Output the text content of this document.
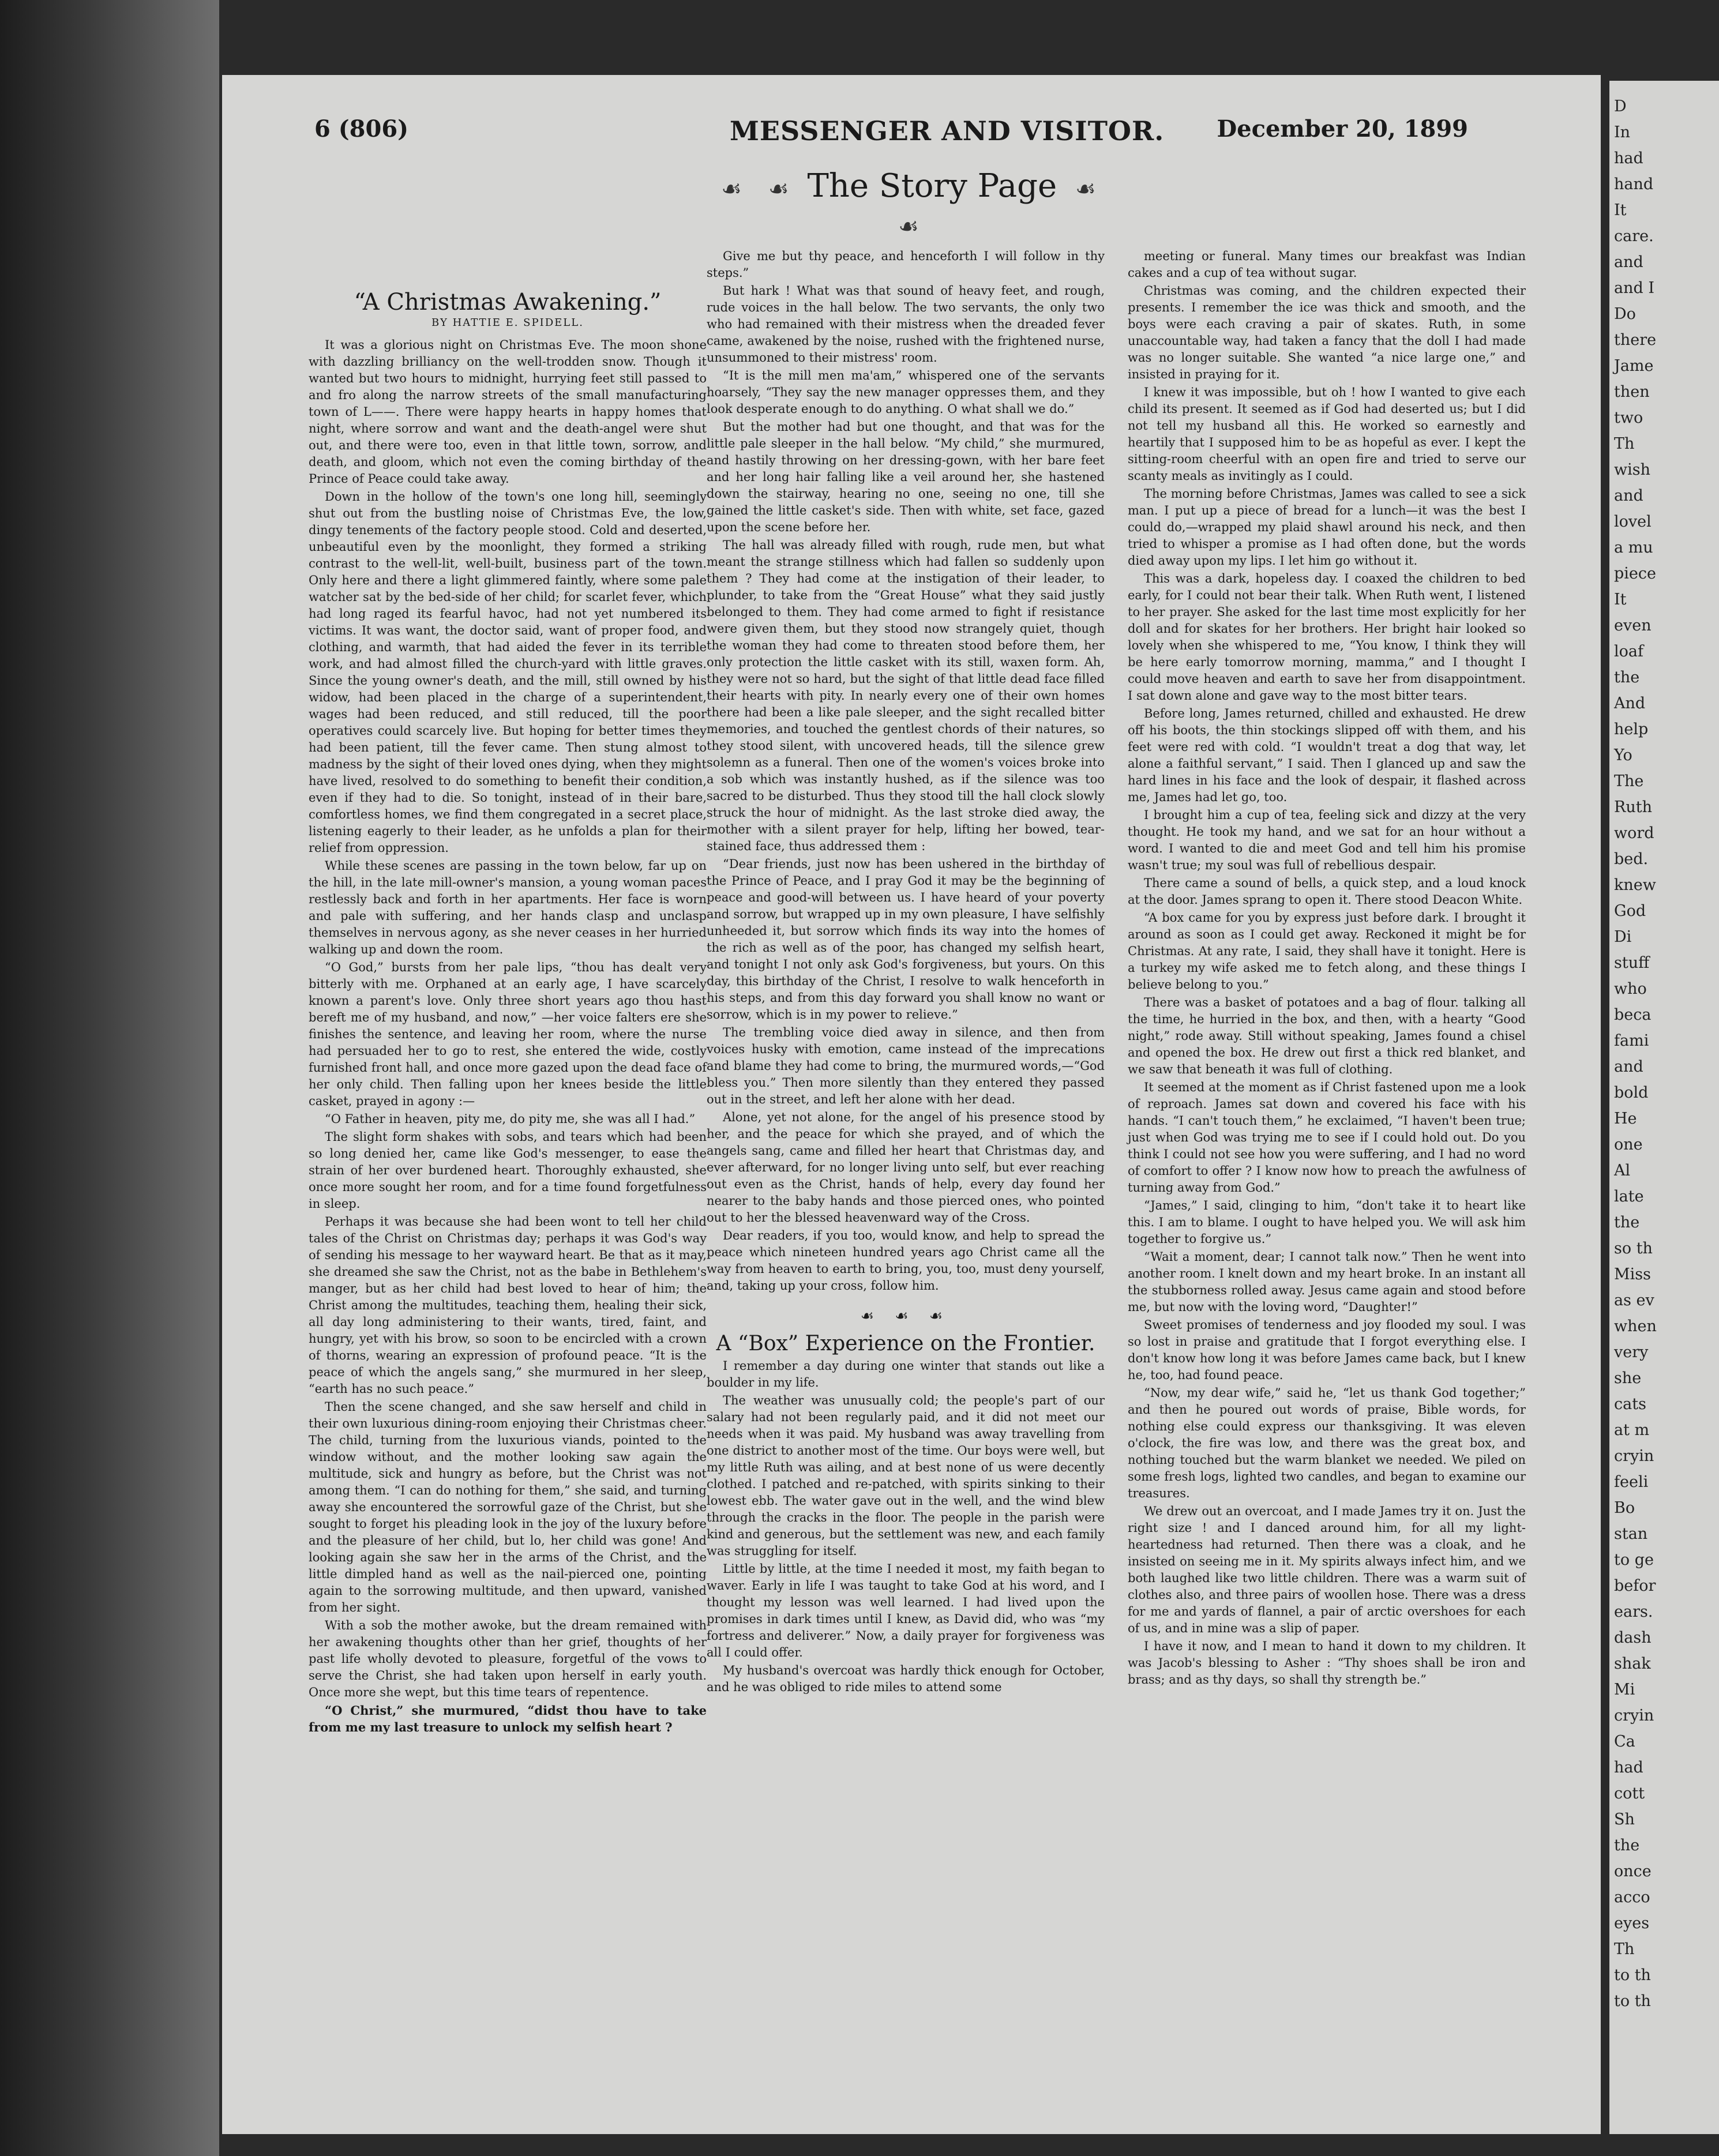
6 (806)	MESSENGER AND VISITOR. December 20, 1899
☙ ☙ The Story Page ☙ ☙
“A Christmas Awakening.”
BY HATTIE E. SPIDELL.

It was a glorious night on Christmas Eve. The moon shone with dazzling brilliancy on the well-trodden snow. Though it wanted but two hours to midnight, hurrying feet still passed to and fro along the narrow streets of the small manufacturing town of L——. There were happy hearts in happy homes that night, where sorrow and want and the death-angel were shut out, and there were too, even in that little town, sorrow, and death, and gloom, which not even the coming birthday of the Prince of Peace could take away.

Down in the hollow of the town's one long hill, seemingly shut out from the bustling noise of Christmas Eve, the low, dingy tenements of the factory people stood. Cold and deserted, unbeautiful even by the moonlight, they formed a striking contrast to the well-lit, well-built, business part of the town. Only here and there a light glimmered faintly, where some pale watcher sat by the bed-side of her child; for scarlet fever, which had long raged its fearful havoc, had not yet numbered its victims. It was want, the doctor said, want of proper food, and clothing, and warmth, that had aided the fever in its terrible work, and had almost filled the church-yard with little graves. Since the young owner's death, and the mill, still owned by his widow, had been placed in the charge of a superintendent, wages had been reduced, and still reduced, till the poor operatives could scarcely live. But hoping for better times they had been patient, till the fever came. Then stung almost to madness by the sight of their loved ones dying, when they might have lived, resolved to do something to benefit their condition, even if they had to die. So tonight, instead of in their bare, comfortless homes, we find them congregated in a secret place, listening eagerly to their leader, as he unfolds a plan for their relief from oppression.

While these scenes are passing in the town below, far up on the hill, in the late mill-owner's mansion, a young woman paces restlessly back and forth in her apartments. Her face is worn and pale with suffering, and her hands clasp and unclasp themselves in nervous agony, as she never ceases in her hurried walking up and down the room.

“O God,” bursts from her pale lips, “thou has dealt very bitterly with me. Orphaned at an early age, I have scarcely known a parent's love. Only three short years ago thou hast bereft me of my husband, and now,” —her voice falters ere she finishes the sentence, and leaving her room, where the nurse had persuaded her to go to rest, she entered the wide, costly furnished front hall, and once more gazed upon the dead face of her only child. Then falling upon her knees beside the little casket, prayed in agony :—

“O Father in heaven, pity me, do pity me, she was all I had.”

The slight form shakes with sobs, and tears which had been so long denied her, came like God's messenger, to ease the strain of her over burdened heart. Thoroughly exhausted, she once more sought her room, and for a time found forgetfulness in sleep.

Perhaps it was because she had been wont to tell her child tales of the Christ on Christmas day; perhaps it was God's way of sending his message to her wayward heart. Be that as it may, she dreamed she saw the Christ, not as the babe in Bethlehem's manger, but as her child had best loved to hear of him; the Christ among the multitudes, teaching them, healing their sick, all day long administering to their wants, tired, faint, and hungry, yet with his brow, so soon to be encircled with a crown of thorns, wearing an expression of profound peace. “It is the peace of which the angels sang,” she murmured in her sleep, “earth has no such peace.”

Then the scene changed, and she saw herself and child in their own luxurious dining-room enjoying their Christmas cheer. The child, turning from the luxurious viands, pointed to the window without, and the mother looking saw again the multitude, sick and hungry as before, but the Christ was not among them. “I can do nothing for them,” she said, and turning away she encountered the sorrowful gaze of the Christ, but she sought to forget his pleading look in the joy of the luxury before and the pleasure of her child, but lo, her child was gone! And looking again she saw her in the arms of the Christ, and the little dimpled hand as well as the nail-pierced one, pointing again to the sorrowing multitude, and then upward, vanished from her sight.

With a sob the mother awoke, but the dream remained with her awakening thoughts other than her grief, thoughts of her past life wholly devoted to pleasure, forgetful of the vows to serve the Christ, she had taken upon herself in early youth. Once more she wept, but this time tears of repentence.

“O Christ,” she murmured, “didst thou have to take from me my last treasure to unlock my selfish heart ?

Give me but thy peace, and henceforth I will follow in thy steps.”

But hark ! What was that sound of heavy feet, and rough, rude voices in the hall below. The two servants, the only two who had remained with their mistress when the dreaded fever came, awakened by the noise, rushed with the frightened nurse, unsummoned to their mistress' room.

“It is the mill men ma'am,” whispered one of the servants hoarsely, “They say the new manager oppresses them, and they look desperate enough to do anything. O what shall we do.”

But the mother had but one thought, and that was for the little pale sleeper in the hall below. “My child,” she murmured, and hastily throwing on her dressing-gown, with her bare feet and her long hair falling like a veil around her, she hastened down the stairway, hearing no one, seeing no one, till she gained the little casket's side. Then with white, set face, gazed upon the scene before her.

The hall was already filled with rough, rude men, but what meant the strange stillness which had fallen so suddenly upon them ? They had come at the instigation of their leader, to plunder, to take from the “Great House” what they said justly belonged to them. They had come armed to fight if resistance were given them, but they stood now strangely quiet, though the woman they had come to threaten stood before them, her only protection the little casket with its still, waxen form. Ah, they were not so hard, but the sight of that little dead face filled their hearts with pity. In nearly every one of their own homes there had been a like pale sleeper, and the sight recalled bitter memories, and touched the gentlest chords of their natures, so they stood silent, with uncovered heads, till the silence grew solemn as a funeral. Then one of the women's voices broke into a sob which was instantly hushed, as if the silence was too sacred to be disturbed. Thus they stood till the hall clock slowly struck the hour of midnight. As the last stroke died away, the mother with a silent prayer for help, lifting her bowed, tear-stained face, thus addressed them :

“Dear friends, just now has been ushered in the birthday of the Prince of Peace, and I pray God it may be the beginning of peace and good-will between us. I have heard of your poverty and sorrow, but wrapped up in my own pleasure, I have selfishly unheeded it, but sorrow which finds its way into the homes of the rich as well as of the poor, has changed my selfish heart, and tonight I not only ask God's forgiveness, but yours. On this day, this birthday of the Christ, I resolve to walk henceforth in his steps, and from this day forward you shall know no want or sorrow, which is in my power to relieve.”

The trembling voice died away in silence, and then from voices husky with emotion, came instead of the imprecations and blame they had come to bring, the murmured words,—“God bless you.” Then more silently than they entered they passed out in the street, and left her alone with her dead.

Alone, yet not alone, for the angel of his presence stood by her, and the peace for which she prayed, and of which the angels sang, came and filled her heart that Christmas day, and ever afterward, for no longer living unto self, but ever reaching out even as the Christ, hands of help, every day found her nearer to the baby hands and those pierced ones, who pointed out to her the blessed heavenward way of the Cross.

Dear readers, if you too, would know, and help to spread the peace which nineteen hundred years ago Christ came all the way from heaven to earth to bring, you, too, must deny yourself, and, taking up your cross, follow him.

☙ ☙ ☙
A “Box” Experience on the Frontier.

I remember a day during one winter that stands out like a boulder in my life.

The weather was unusually cold; the people's part of our salary had not been regularly paid, and it did not meet our needs when it was paid. My husband was away travelling from one district to another most of the time. Our boys were well, but my little Ruth was ailing, and at best none of us were decently clothed. I patched and re-patched, with spirits sinking to their lowest ebb. The water gave out in the well, and the wind blew through the cracks in the floor. The people in the parish were kind and generous, but the settlement was new, and each family was struggling for itself.

Little by little, at the time I needed it most, my faith began to waver. Early in life I was taught to take God at his word, and I thought my lesson was well learned. I had lived upon the promises in dark times until I knew, as David did, who was “my fortress and deliverer.” Now, a daily prayer for forgiveness was all I could offer.

My husband's overcoat was hardly thick enough for October, and he was obliged to ride miles to attend some

meeting or funeral. Many times our breakfast was Indian cakes and a cup of tea without sugar.

Christmas was coming, and the children expected their presents. I remember the ice was thick and smooth, and the boys were each craving a pair of skates. Ruth, in some unaccountable way, had taken a fancy that the doll I had made was no longer suitable. She wanted “a nice large one,” and insisted in praying for it.

I knew it was impossible, but oh ! how I wanted to give each child its present. It seemed as if God had deserted us; but I did not tell my husband all this. He worked so earnestly and heartily that I supposed him to be as hopeful as ever. I kept the sitting-room cheerful with an open fire and tried to serve our scanty meals as invitingly as I could.

The morning before Christmas, James was called to see a sick man. I put up a piece of bread for a lunch—it was the best I could do,—wrapped my plaid shawl around his neck, and then tried to whisper a promise as I had often done, but the words died away upon my lips. I let him go without it.

This was a dark, hopeless day. I coaxed the children to bed early, for I could not bear their talk. When Ruth went, I listened to her prayer. She asked for the last time most explicitly for her doll and for skates for her brothers. Her bright hair looked so lovely when she whispered to me, “You know, I think they will be here early tomorrow morning, mamma,” and I thought I could move heaven and earth to save her from disappointment. I sat down alone and gave way to the most bitter tears.

Before long, James returned, chilled and exhausted. He drew off his boots, the thin stockings slipped off with them, and his feet were red with cold. “I wouldn't treat a dog that way, let alone a faithful servant,” I said. Then I glanced up and saw the hard lines in his face and the look of despair, it flashed across me, James had let go, too.

I brought him a cup of tea, feeling sick and dizzy at the very thought. He took my hand, and we sat for an hour without a word. I wanted to die and meet God and tell him his promise wasn't true; my soul was full of rebellious despair.

There came a sound of bells, a quick step, and a loud knock at the door. James sprang to open it. There stood Deacon White.

“A box came for you by express just before dark. I brought it around as soon as I could get away. Reckoned it might be for Christmas. At any rate, I said, they shall have it tonight. Here is a turkey my wife asked me to fetch along, and these things I believe belong to you.”

There was a basket of potatoes and a bag of flour. talking all the time, he hurried in the box, and then, with a hearty “Good night,” rode away. Still without speaking, James found a chisel and opened the box. He drew out first a thick red blanket, and we saw that beneath it was full of clothing.

It seemed at the moment as if Christ fastened upon me a look of reproach. James sat down and covered his face with his hands. “I can't touch them,” he exclaimed, “I haven't been true; just when God was trying me to see if I could hold out. Do you think I could not see how you were suffering, and I had no word of comfort to offer ? I know now how to preach the awfulness of turning away from God.”

“James,” I said, clinging to him, “don't take it to heart like this. I am to blame. I ought to have helped you. We will ask him together to forgive us.”

“Wait a moment, dear; I cannot talk now.” Then he went into another room. I knelt down and my heart broke. In an instant all the stubborness rolled away. Jesus came again and stood before me, but now with the loving word, “Daughter!”

Sweet promises of tenderness and joy flooded my soul. I was so lost in praise and gratitude that I forgot everything else. I don't know how long it was before James came back, but I knew he, too, had found peace.

“Now, my dear wife,” said he, “let us thank God together;” and then he poured out words of praise, Bible words, for nothing else could express our thanksgiving. It was eleven o'clock, the fire was low, and there was the great box, and nothing touched but the warm blanket we needed. We piled on some fresh logs, lighted two candles, and began to examine our treasures.

We drew out an overcoat, and I made James try it on. Just the right size ! and I danced around him, for all my light-heartedness had returned. Then there was a cloak, and he insisted on seeing me in it. My spirits always infect him, and we both laughed like two little children. There was a warm suit of clothes also, and three pairs of woollen hose. There was a dress for me and yards of flannel, a pair of arctic overshoes for each of us, and in mine was a slip of paper.

I have it now, and I mean to hand it down to my children. It was Jacob's blessing to Asher : “Thy shoes shall be iron and brass; and as thy days, so shall thy strength be.”

D
In
had
hand
It
care.
and
and I
Do
there
Jame
then
two
Th
wish
and
lovel
a mu
piece
It
even
loaf
the
And
help
Yo
The
Ruth
word
bed.
knew
God
Di
stuff
who
beca
fami
and
bold
He
one
Al
late
the
so th
Miss
as ev
when
very
she
cats
at m
cryin
feeli
Bo
stan
to ge
befor
ears.
dash
shak
Mi
cryin
Ca
had
cott
Sh
the
once
acco
eyes
Th
to th
to th
